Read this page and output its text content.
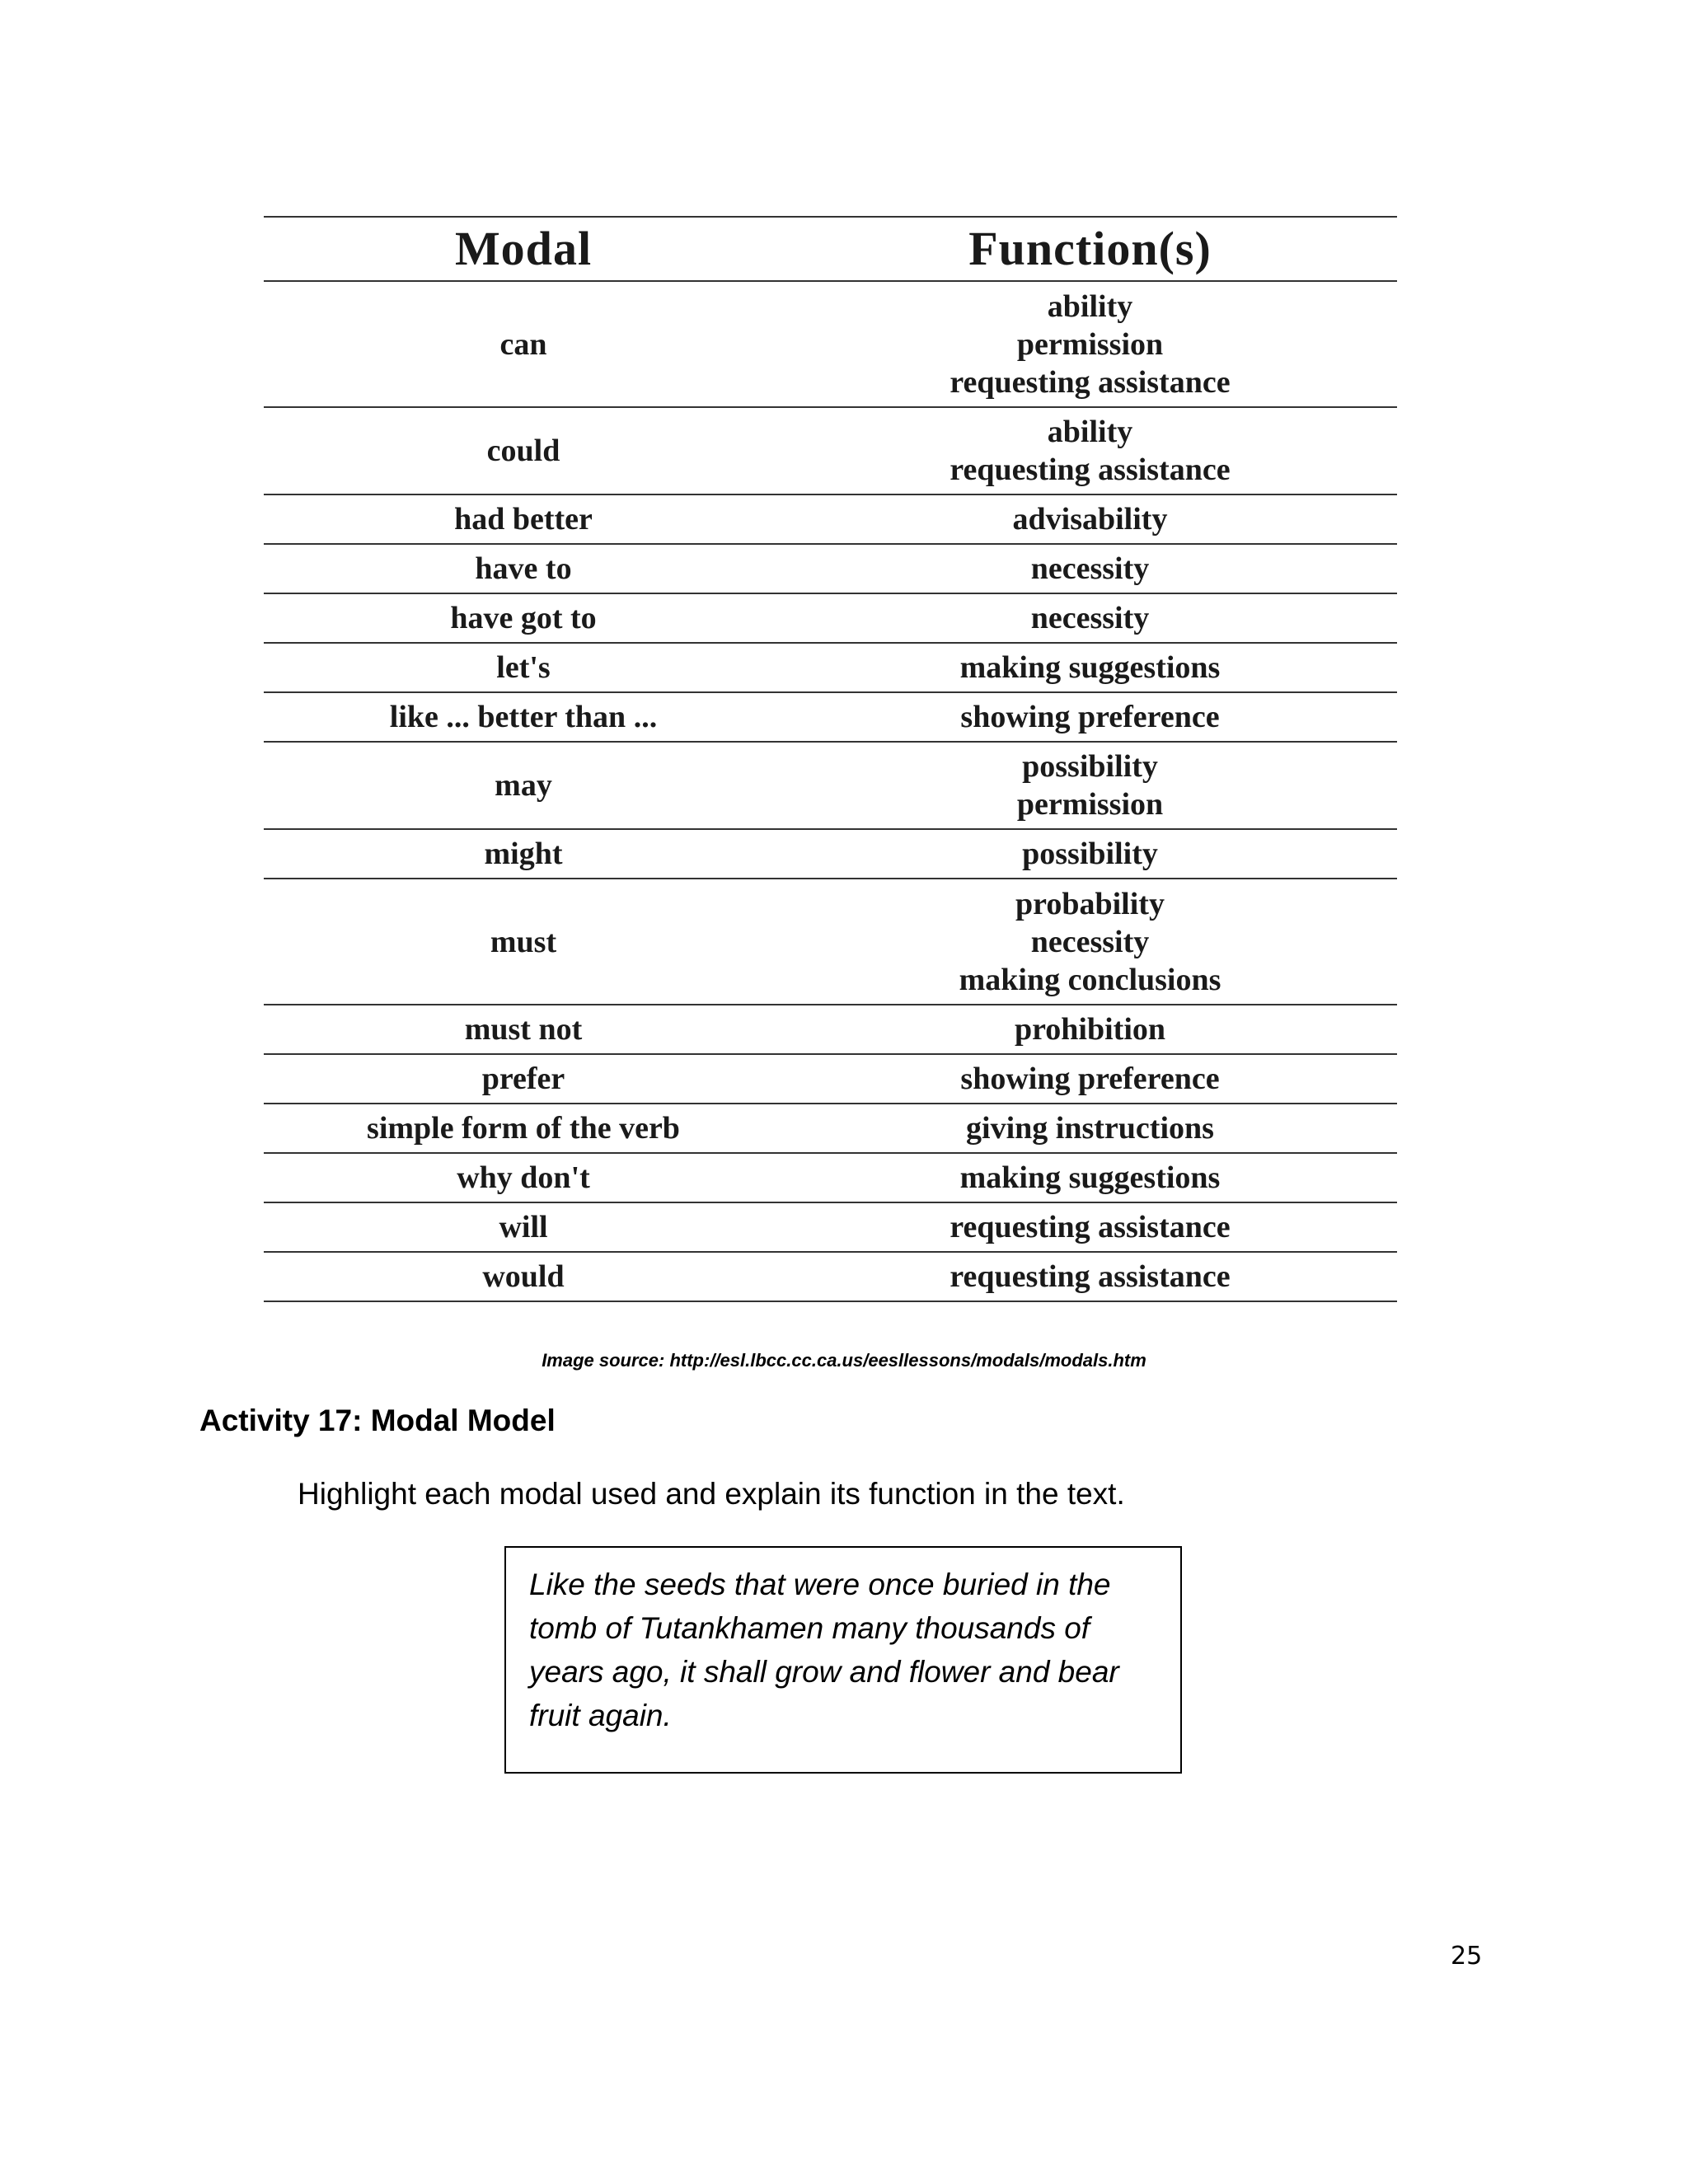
Modal	Function(s)
can	ability
permission
requesting assistance

could	ability
requesting assistance

had better	advisability

have to	necessity

have got to	necessity

let's	making suggestions

like ... better than ...	showing preference

may	possibility
permission

might	possibility

must	probability
necessity
making conclusions

must not	prohibition

prefer	showing preference

simple form of the verb	giving instructions

why don't	making suggestions

will	requesting assistance

would	requesting assistance
Image source: http://esl.lbcc.cc.ca.us/eesllessons/modals/modals.htm
Activity 17: Modal Model
Highlight each modal used and explain its function in the text.

Like the seeds that were once buried in the tomb of Tutankhamen many thousands of years ago, it shall grow and flower and bear fruit again.

25
